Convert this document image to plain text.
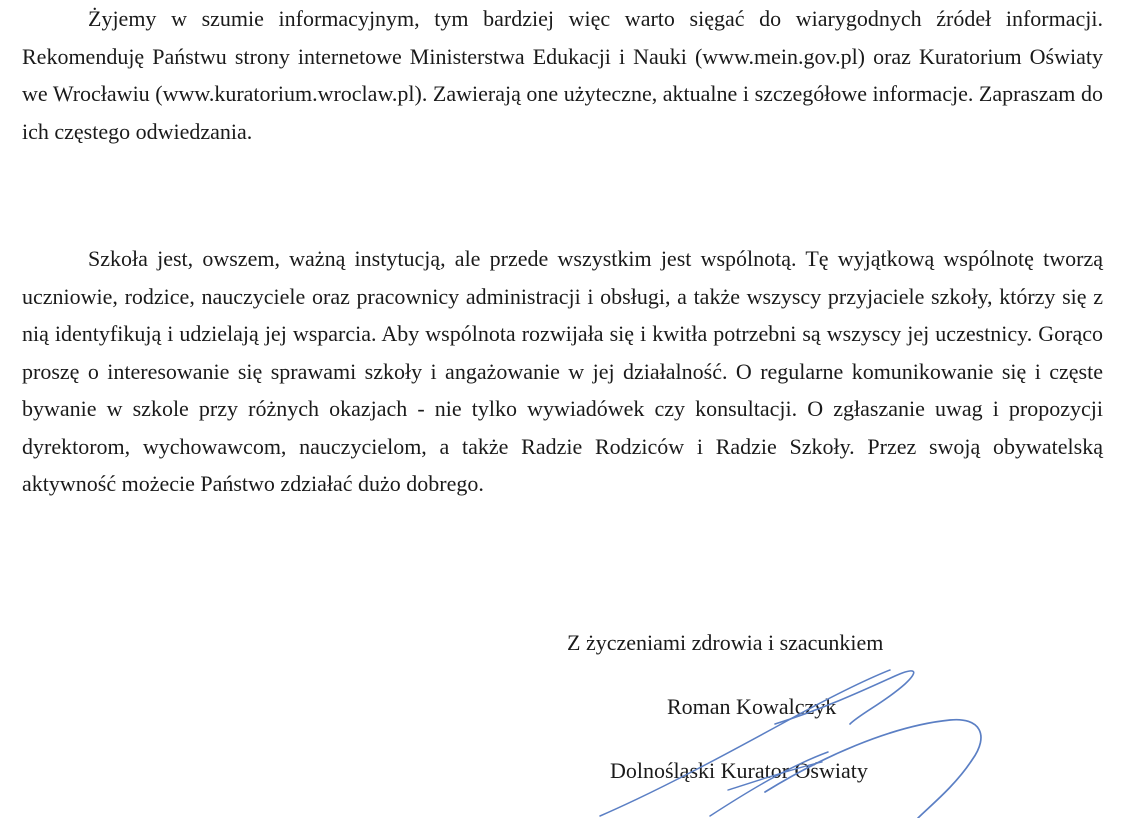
Żyjemy w szumie informacyjnym, tym bardziej więc warto sięgać do wiarygodnych źródeł informacji. Rekomenduję Państwu strony internetowe Ministerstwa Edukacji i Nauki (www.mein.gov.pl) oraz Kuratorium Oświaty we Wrocławiu (www.kuratorium.wroclaw.pl). Zawierają one użyteczne, aktualne i szczegółowe informacje. Zapraszam do ich częstego odwiedzania.

Szkoła jest, owszem, ważną instytucją, ale przede wszystkim jest wspólnotą. Tę wyjątkową wspólnotę tworzą uczniowie, rodzice, nauczyciele oraz pracownicy administracji i obsługi, a także wszyscy przyjaciele szkoły, którzy się z nią identyfikują i udzielają jej wsparcia. Aby wspólnota rozwijała się i kwitła potrzebni są wszyscy jej uczestnicy. Gorąco proszę o interesowanie się sprawami szkoły i angażowanie w jej działalność. O regularne komunikowanie się i częste bywanie w szkole przy różnych okazjach - nie tylko wywiadówek czy konsultacji. O zgłaszanie uwag i propozycji dyrektorom, wychowawcom, nauczycielom, a także Radzie Rodziców i Radzie Szkoły. Przez swoją obywatelską aktywność możecie Państwo zdziałać dużo dobrego.

Z życzeniami zdrowia i szacunkiem

Roman Kowalczyk

Dolnośląski Kurator Oświaty
